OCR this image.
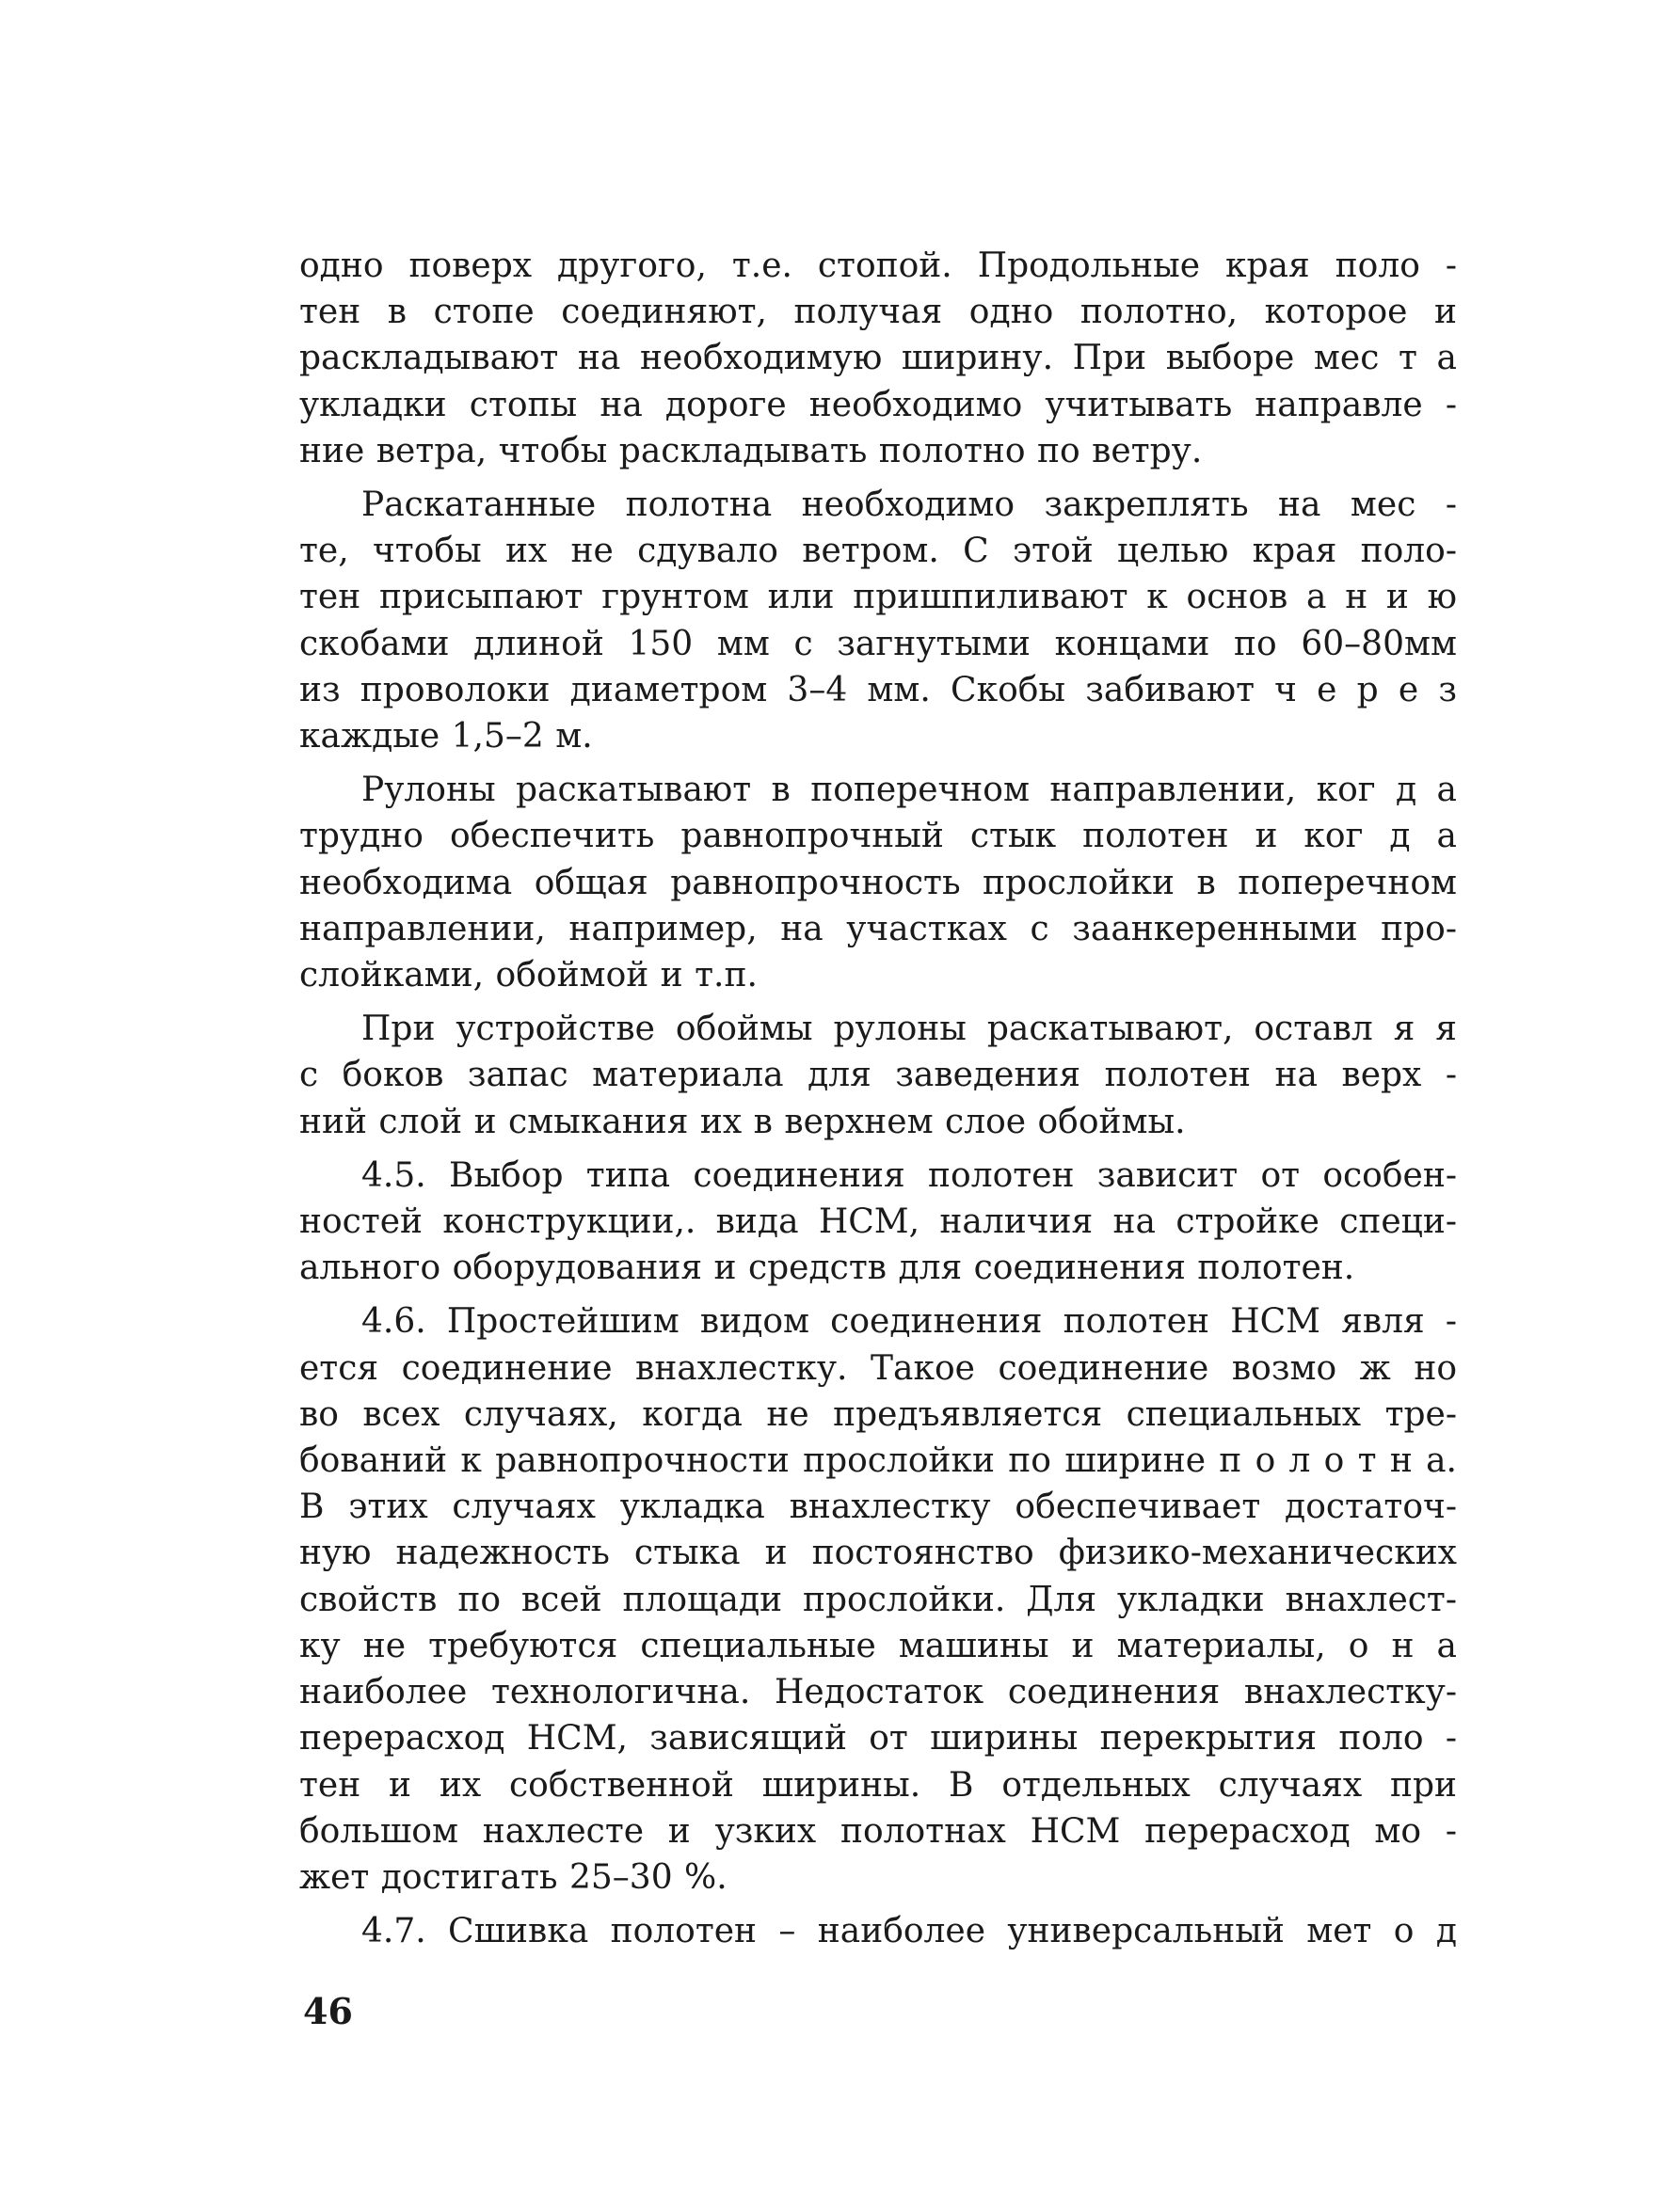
одно поверх другого, т.е. стопой. Продольные края поло -
тен в стопе соединяют, получая одно полотно, которое и
раскладывают на необходимую ширину. При выборе мес т а
укладки стопы на дороге необходимо учитывать направле -
ние ветра, чтобы раскладывать полотно по ветру.

Раскатанные полотна необходимо закреплять на мес -
те, чтобы их не сдувало ветром. С этой целью края поло-
тен присыпают грунтом или пришпиливают к основ а н и ю
скобами длиной 150 мм с загнутыми концами по 60–80мм
из проволоки диаметром 3–4 мм. Скобы забивают ч е р е з
каждые 1,5–2 м.

Рулоны раскатывают в поперечном направлении, ког д а
трудно обеспечить равнопрочный стык полотен и ког д а
необходима общая равнопрочность прослойки в поперечном
направлении, например, на участках с заанкеренными про-
слойками, обоймой и т.п.

При устройстве обоймы рулоны раскатывают, оставл я я
с боков запас материала для заведения полотен на верх -
ний слой и смыкания их в верхнем слое обоймы.

4.5. Выбор типа соединения полотен зависит от особен-
ностей конструкции,. вида НСМ, наличия на стройке специ-
ального оборудования и средств для соединения полотен.

4.6. Простейшим видом соединения полотен НСМ явля -
ется соединение внахлестку. Такое соединение возмо ж но
во всех случаях, когда не предъявляется специальных тре-
бований к равнопрочности прослойки по ширине п о л о т н а.
В этих случаях укладка внахлестку обеспечивает достаточ-
ную надежность стыка и постоянство физико-механических
свойств по всей площади прослойки. Для укладки внахлест-
ку не требуются специальные машины и материалы, о н а
наиболее технологична. Недостаток соединения внахлестку-
перерасход НСМ, зависящий от ширины перекрытия поло -
тен и их собственной ширины. В отдельных случаях при
большом нахлесте и узких полотнах НСМ перерасход мо -
жет достигать 25–30 %.

4.7. Сшивка полотен – наиболее универсальный мет о д

46
